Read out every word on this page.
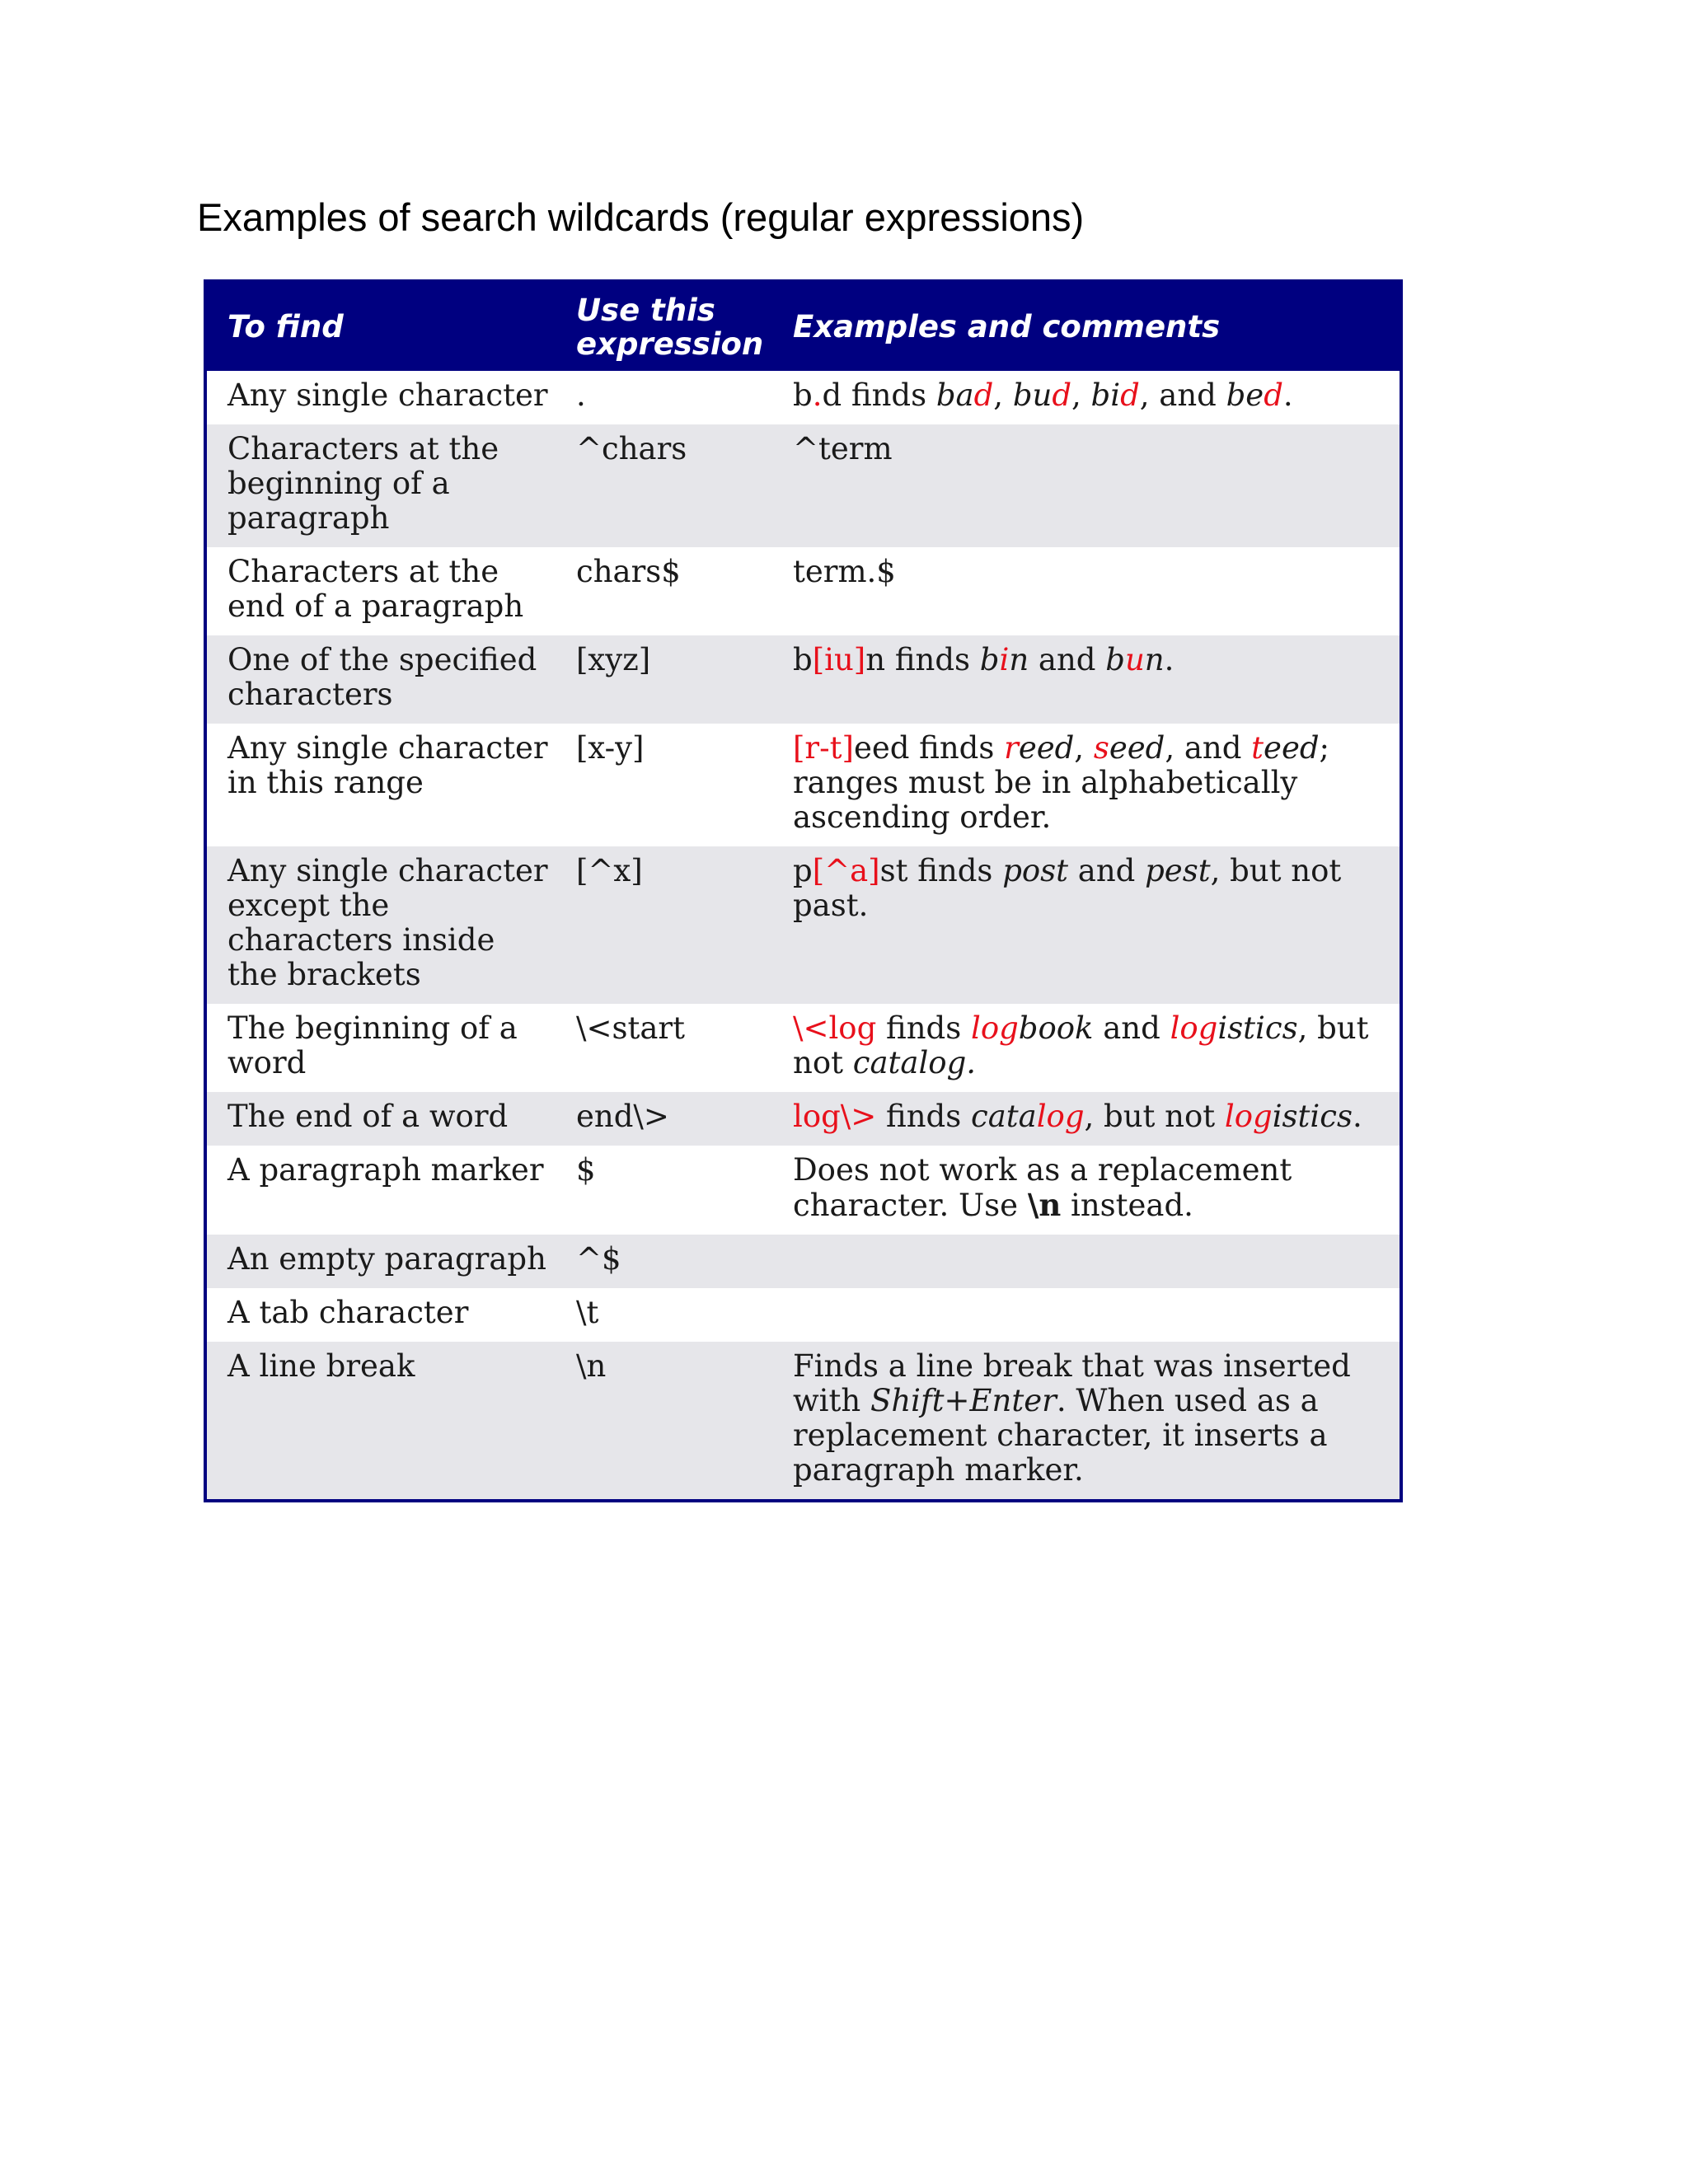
Examples of search wildcards (regular expressions)
To find	Use this expression	Examples and comments
Any single character	.	b.d finds bad, bud, bid, and bed.
Characters at the beginning of a paragraph	^chars	^term
Characters at the end of a paragraph	chars$	term.$
One of the specified characters	[xyz]	b[iu]n finds bin and bun.
Any single character in this range	[x-y]	[r-t]eed finds reed, seed, and teed; ranges must be in alphabetically ascending order.
Any single character except the characters inside the brackets	[^x]	p[^a]st finds post and pest, but not past.
The beginning of a word	\<start	\<log finds logbook and logistics, but not catalog.
The end of a word	end\>	log\> finds catalog, but not logistics.
A paragraph marker	$	Does not work as a replacement character. Use \n instead.
An empty paragraph	^$	
A tab character	\t	
A line break	\n	Finds a line break that was inserted with Shift+Enter. When used as a replacement character, it inserts a paragraph marker.
